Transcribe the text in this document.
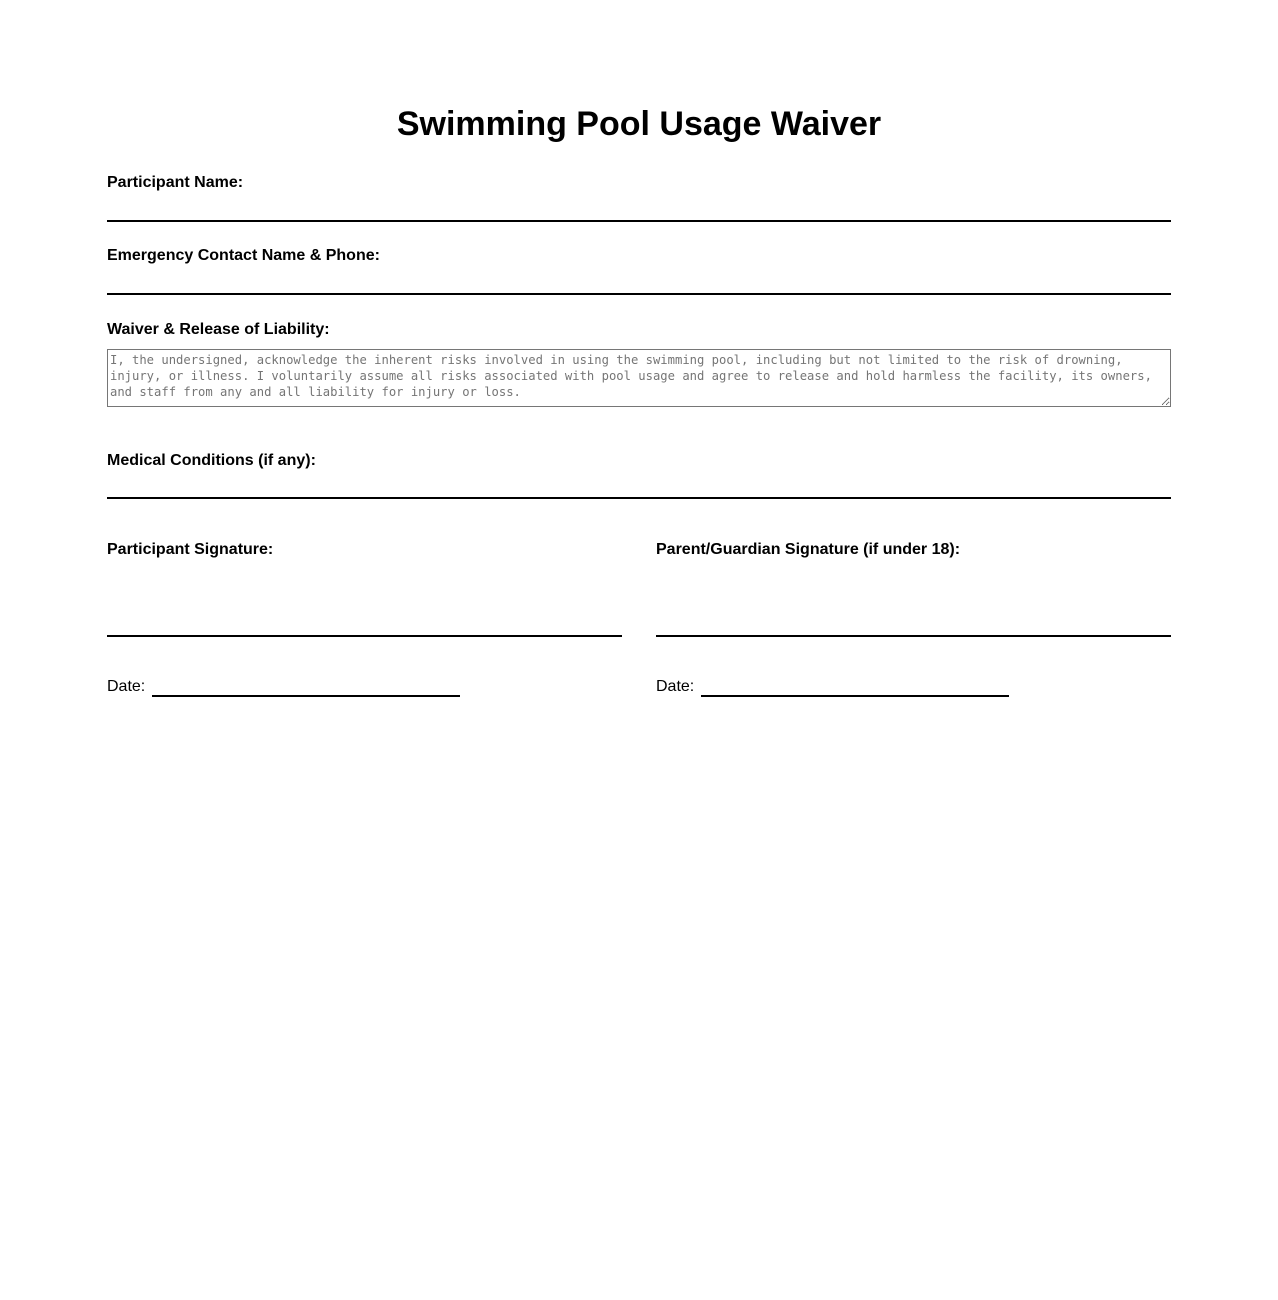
Swimming Pool Usage Waiver
Participant Name:
Emergency Contact Name & Phone:
Waiver & Release of Liability:
I, the undersigned, acknowledge the inherent risks involved in using the swimming pool, including but not limited to the risk of drowning, injury, or illness. I voluntarily assume all risks associated with pool usage and agree to release and hold harmless the facility, its owners, and staff from any and all liability for injury or loss.
Medical Conditions (if any):
Participant Signature:	Parent/Guardian Signature (if under 18):
Date:	Date:
